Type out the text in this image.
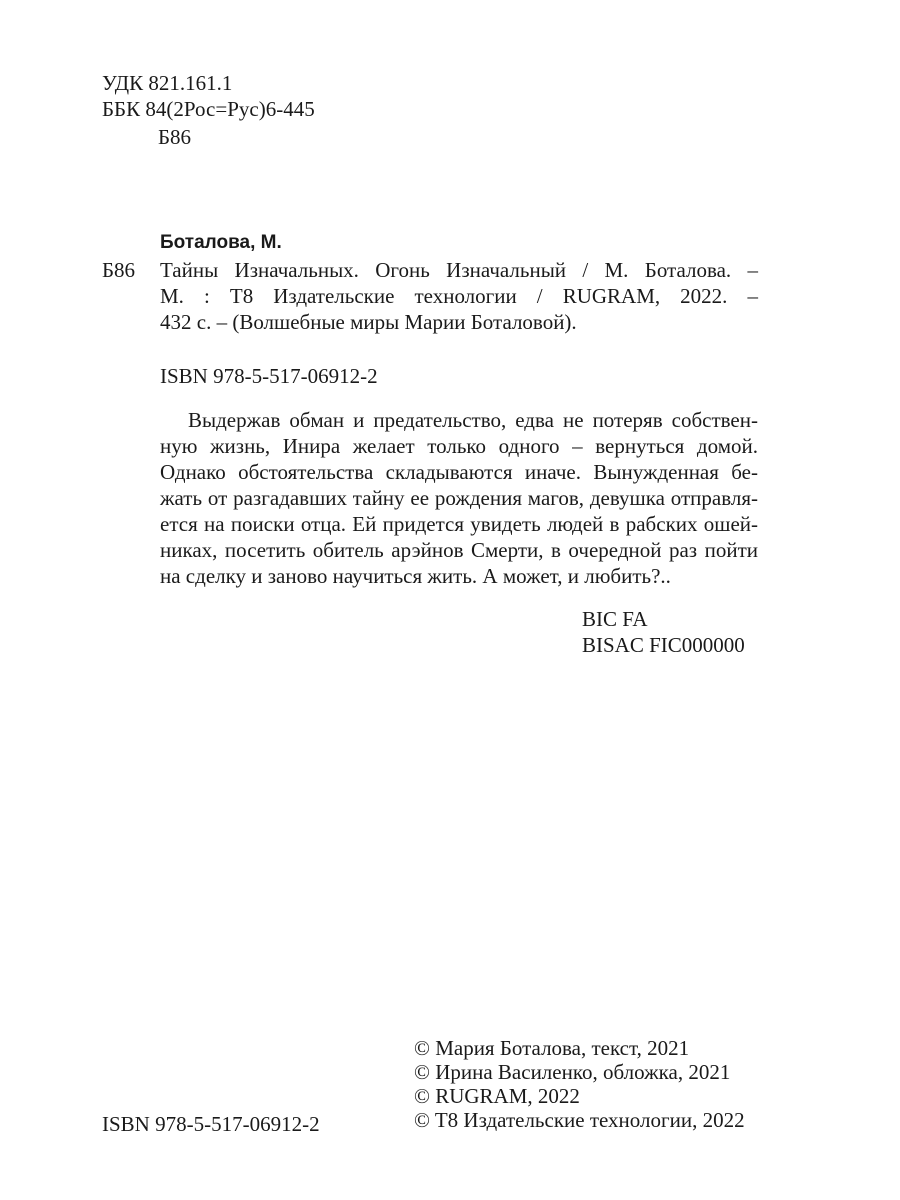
УДК 821.161.1
ББК 84(2Рос=Рус)6-445
Б86
Боталова, М.
Б86 Тайны Изначальных. Огонь Изначальный / М. Боталова. –
М. : T8 Издательские технологии / RUGRAM, 2022. –
432 с. – (Волшебные миры Марии Боталовой).
ISBN 978-5-517-06912-2
Выдержав обман и предательство, едва не потеряв собствен-
ную жизнь, Инира желает только одного – вернуться домой.
Однако обстоятельства складываются иначе. Вынужденная бе-
жать от разгадавших тайну ее рождения магов, девушка отправля-
ется на поиски отца. Ей придется увидеть людей в рабских ошей-
никах, посетить обитель арэйнов Смерти, в очередной раз пойти
на сделку и заново научиться жить. А может, и любить?..
BIC FA
BISAC FIC000000
© Мария Боталова, текст, 2021
© Ирина Василенко, обложка, 2021
© RUGRAM, 2022
© T8 Издательские технологии, 2022
ISBN 978-5-517-06912-2
